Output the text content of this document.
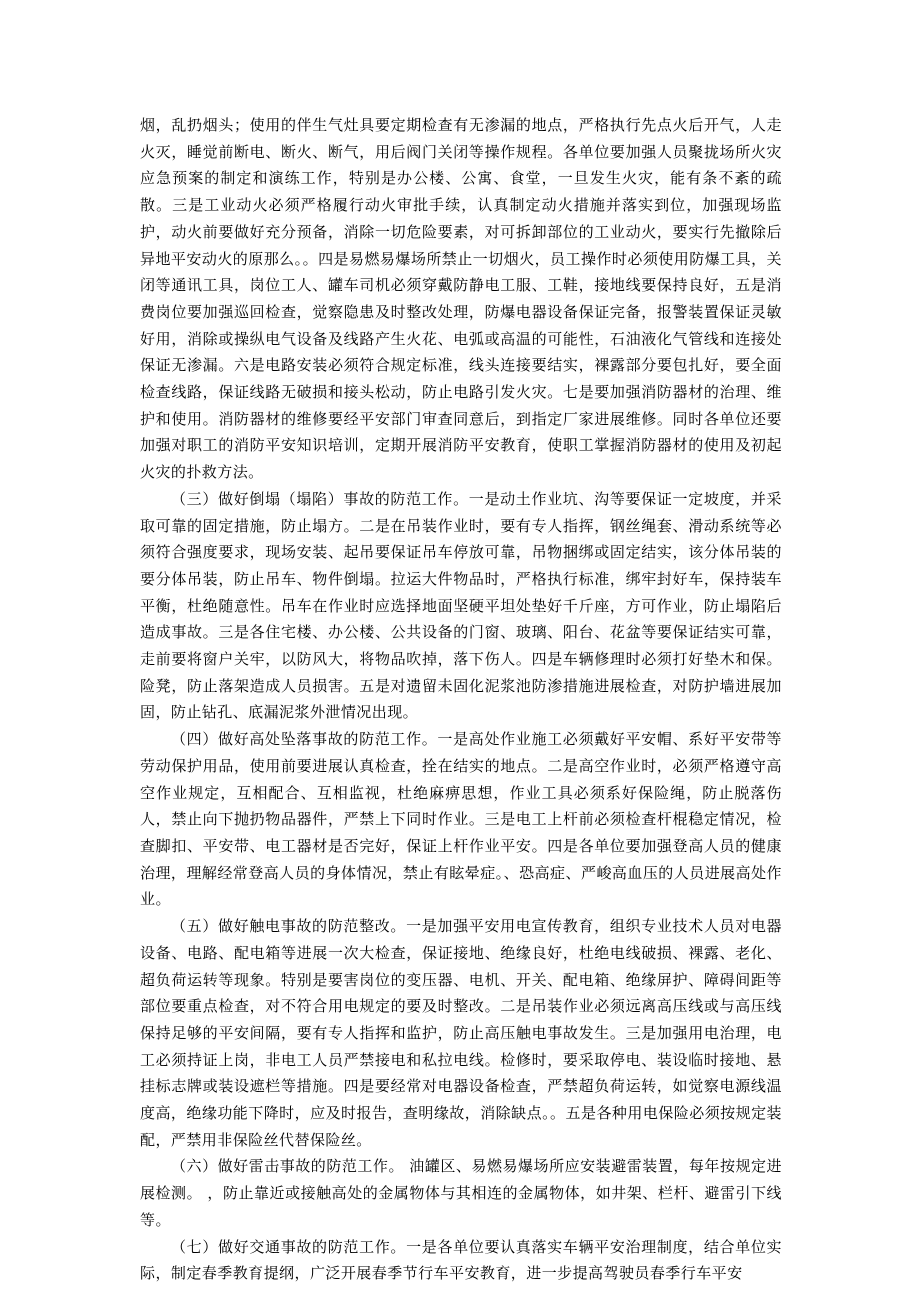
烟，乱扔烟头；使用的伴生气灶具要定期检查有无渗漏的地点，严格执行先点火后开气，人走火灭，睡觉前断电、断火、断气，用后阀门关闭等操作规程。各单位要加强人员聚拢场所火灾应急预案的制定和演练工作，特别是办公楼、公寓、食堂，一旦发生火灾，能有条不紊的疏散。三是工业动火必须严格履行动火审批手续，认真制定动火措施并落实到位，加强现场监护，动火前要做好充分预备，消除一切危险要素，对可拆卸部位的工业动火，要实行先撤除后异地平安动火的原那么。。四是易燃易爆场所禁止一切烟火，员工操作时必须使用防爆工具，关闭等通讯工具，岗位工人、罐车司机必须穿戴防静电工服、工鞋，接地线要保持良好，五是消费岗位要加强巡回检查，觉察隐患及时整改处理，防爆电器设备保证完备，报警装置保证灵敏好用，消除或操纵电气设备及线路产生火花、电弧或高温的可能性，石油液化气管线和连接处保证无渗漏。六是电路安装必须符合规定标准，线头连接要结实，裸露部分要包扎好，要全面检查线路，保证线路无破损和接头松动，防止电路引发火灾。七是要加强消防器材的治理、维护和使用。消防器材的维修要经平安部门审查同意后，到指定厂家进展维修。同时各单位还要加强对职工的消防平安知识培训，定期开展消防平安教育，使职工掌握消防器材的使用及初起火灾的扑救方法。

（三）做好倒塌（塌陷）事故的防范工作。一是动土作业坑、沟等要保证一定坡度，并采取可靠的固定措施，防止塌方。二是在吊装作业时，要有专人指挥，钢丝绳套、滑动系统等必须符合强度要求，现场安装、起吊要保证吊车停放可靠，吊物捆绑或固定结实，该分体吊装的要分体吊装，防止吊车、物件倒塌。拉运大件物品时，严格执行标准，绑牢封好车，保持装车平衡，杜绝随意性。吊车在作业时应选择地面坚硬平坦处垫好千斤座，方可作业，防止塌陷后造成事故。三是各住宅楼、办公楼、公共设备的门窗、玻璃、阳台、花盆等要保证结实可靠，走前要将窗户关牢，以防风大，将物品吹掉，落下伤人。四是车辆修理时必须打好垫木和保。险凳，防止落架造成人员损害。五是对遗留未固化泥浆池防渗措施进展检查，对防护墙进展加固，防止钻孔、底漏泥浆外泄情况出现。

（四）做好高处坠落事故的防范工作。一是高处作业施工必须戴好平安帽、系好平安带等劳动保护用品，使用前要进展认真检查，拴在结实的地点。二是高空作业时，必须严格遵守高空作业规定，互相配合、互相监视，杜绝麻痹思想，作业工具必须系好保险绳，防止脱落伤人，禁止向下抛扔物品器件，严禁上下同时作业。三是电工上杆前必须检查杆棍稳定情况，检查脚扣、平安带、电工器材是否完好，保证上杆作业平安。四是各单位要加强登高人员的健康治理，理解经常登高人员的身体情况，禁止有眩晕症。、恐高症、严峻高血压的人员进展高处作业。

（五）做好触电事故的防范整改。一是加强平安用电宣传教育，组织专业技术人员对电器设备、电路、配电箱等进展一次大检查，保证接地、绝缘良好，杜绝电线破损、裸露、老化、超负荷运转等现象。特别是要害岗位的变压器、电机、开关、配电箱、绝缘屏护、障碍间距等部位要重点检查，对不符合用电规定的要及时整改。二是吊装作业必须远离高压线或与高压线保持足够的平安间隔，要有专人指挥和监护，防止高压触电事故发生。三是加强用电治理，电工必须持证上岗，非电工人员严禁接电和私拉电线。检修时，要采取停电、装设临时接地、悬挂标志牌或装设遮栏等措施。四是要经常对电器设备检查，严禁超负荷运转，如觉察电源线温度高，绝缘功能下降时，应及时报告，查明缘故，消除缺点。。五是各种用电保险必须按规定装配，严禁用非保险丝代替保险丝。

（六）做好雷击事故的防范工作。 油罐区、易燃易爆场所应安装避雷装置，每年按规定进展检测。 ，防止靠近或接触高处的金属物体与其相连的金属物体，如井架、栏杆、避雷引下线等。

（七）做好交通事故的防范工作。一是各单位要认真落实车辆平安治理制度，结合单位实际，制定春季教育提纲，广泛开展春季节行车平安教育，进一步提高驾驶员春季行车平安
